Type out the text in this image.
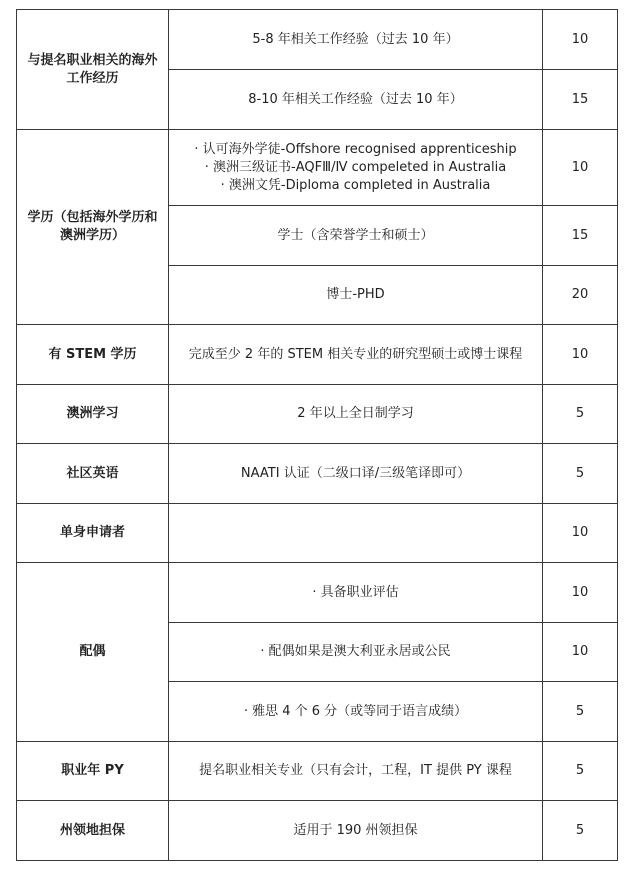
与提名职业相关的海外工作经历	5-8 年相关工作经验（过去 10 年）	10
	8-10 年相关工作经验（过去 10 年）	15
学历（包括海外学历和澳洲学历）	· 认可海外学徒-Offshore recognised apprenticeship
· 澳洲三级证书-AQFⅢ/Ⅳ compeleted in Australia
· 澳洲文凭-Diploma completed in Australia	10
	学士（含荣誉学士和硕士）	15
	博士-PHD	20
有 STEM 学历	完成至少 2 年的 STEM 相关专业的研究型硕士或博士课程	10
澳洲学习	2 年以上全日制学习	5
社区英语	NAATI 认证（二级口译/三级笔译即可）	5
单身申请者		10
配偶	· 具备职业评估	10
	· 配偶如果是澳大利亚永居或公民	10
	· 雅思 4 个 6 分（或等同于语言成绩）	5
职业年 PY	提名职业相关专业（只有会计，工程，IT 提供 PY 课程	5
州领地担保	适用于 190 州领担保	5
